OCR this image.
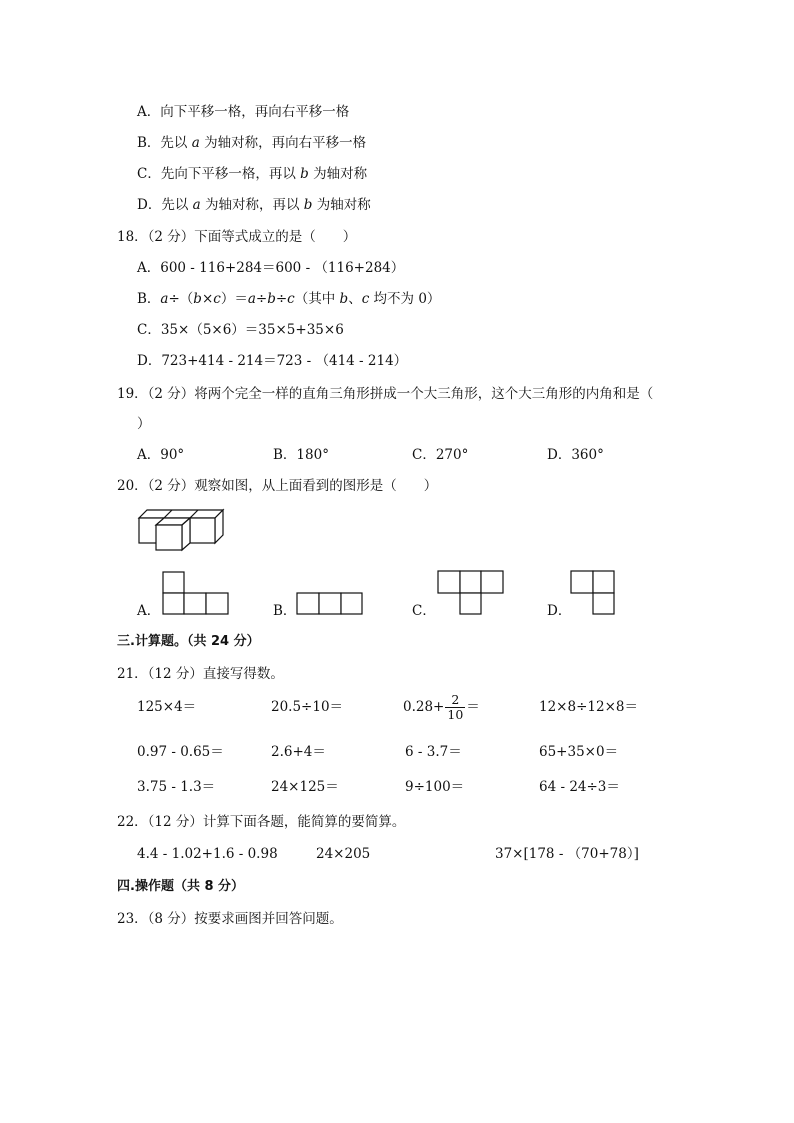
A．向下平移一格，再向右平移一格
B．先以 a 为轴对称，再向右平移一格
C．先向下平移一格，再以 b 为轴对称
D．先以 a 为轴对称，再以 b 为轴对称
18．（2 分）下面等式成立的是（　　）
A．600 - 116+284＝600 - （116+284）
B．a÷（b×c）＝a÷b÷c（其中 b、c 均不为 0）
C．35×（5×6）＝35×5+35×6
D．723+414 - 214＝723 - （414 - 214）
19．（2 分）将两个完全一样的直角三角形拼成一个大三角形，这个大三角形的内角和是（
）
A．90°	B．180°	C．270°	D．360°
20．（2 分）观察如图，从上面看到的图形是（　　）
A．	B．	C．	D．
三.计算题。（共 24 分）
21．（12 分）直接写得数。
125×4＝	20.5÷10＝	$0.28+ \frac{2}{10}$ ＝	12×8÷12×8＝
0.97 - 0.65＝	2.6+4＝	6 - 3.7＝	65+35×0＝
3.75 - 1.3＝	24×125＝	9÷100＝	64 - 24÷3＝
22．（12 分）计算下面各题，能简算的要简算。
4.4 - 1.02+1.6 - 0.98	24×205	37×[178 - （70+78）]
四.操作题（共 8 分）
23．（8 分）按要求画图并回答问题。
